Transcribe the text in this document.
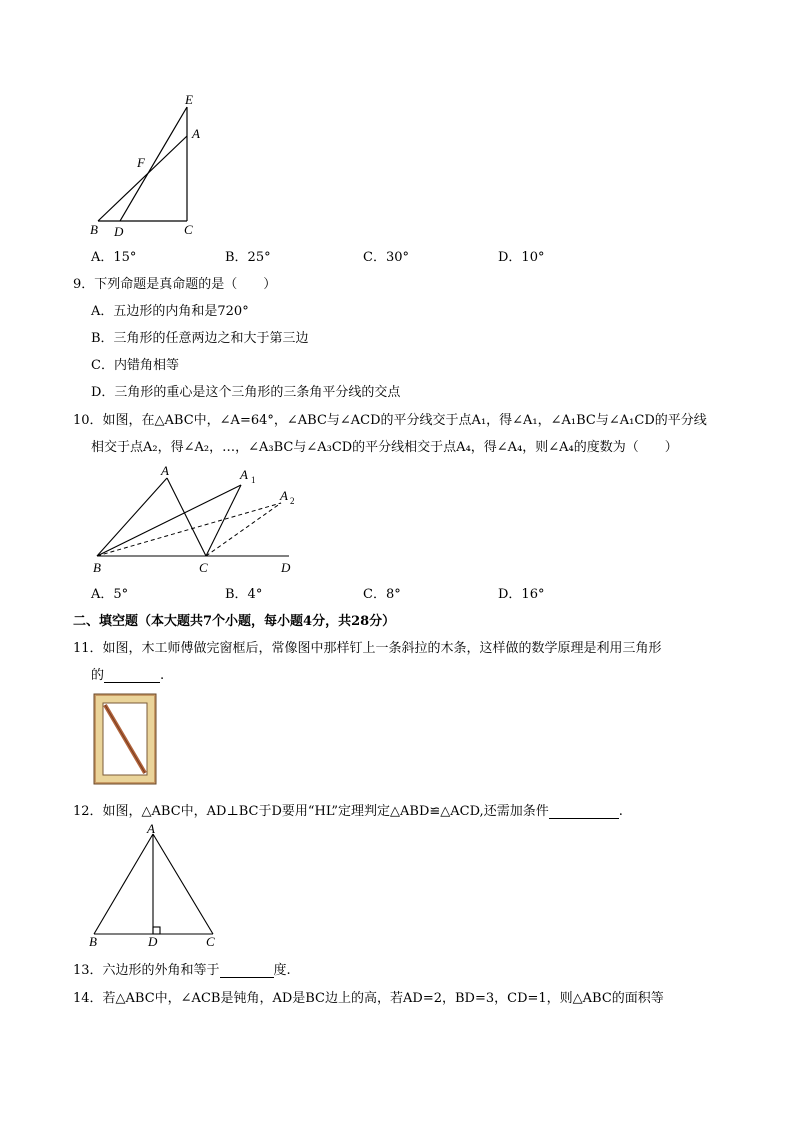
E
A
F
B D	C
A．15°	B．25°	C．30°	D．10°
9．下列命题是真命题的是（　　）
A．五边形的内角和是720°
B．三角形的任意两边之和大于第三边
C．内错角相等
D．三角形的重心是这个三角形的三条角平分线的交点
10．如图，在△ABC中，∠A=64°，∠ABC与∠ACD的平分线交于点A₁，得∠A₁，∠A₁BC与∠A₁CD的平分线
相交于点A₂，得∠A₂，…，∠A₃BC与∠A₃CD的平分线相交于点A₄，得∠A₄，则∠A₄的度数为（　　）
A	A 1
A 2
B	C	D
A．5°	B．4°	C．8°	D．16°
二、填空题（本大题共7个小题，每小题4分，共28分）
11．如图，木工师傅做完窗框后，常像图中那样钉上一条斜拉的木条，这样做的数学原理是利用三角形
的	.
12．如图，△ABC中，AD⊥BC于D要用“HL”定理判定△ABD≌△ACD,还需加条件	.
A
B	D	C
13．六边形的外角和等于	度.
14．若△ABC中，∠ACB是钝角，AD是BC边上的高，若AD=2，BD=3，CD=1，则△ABC的面积等
